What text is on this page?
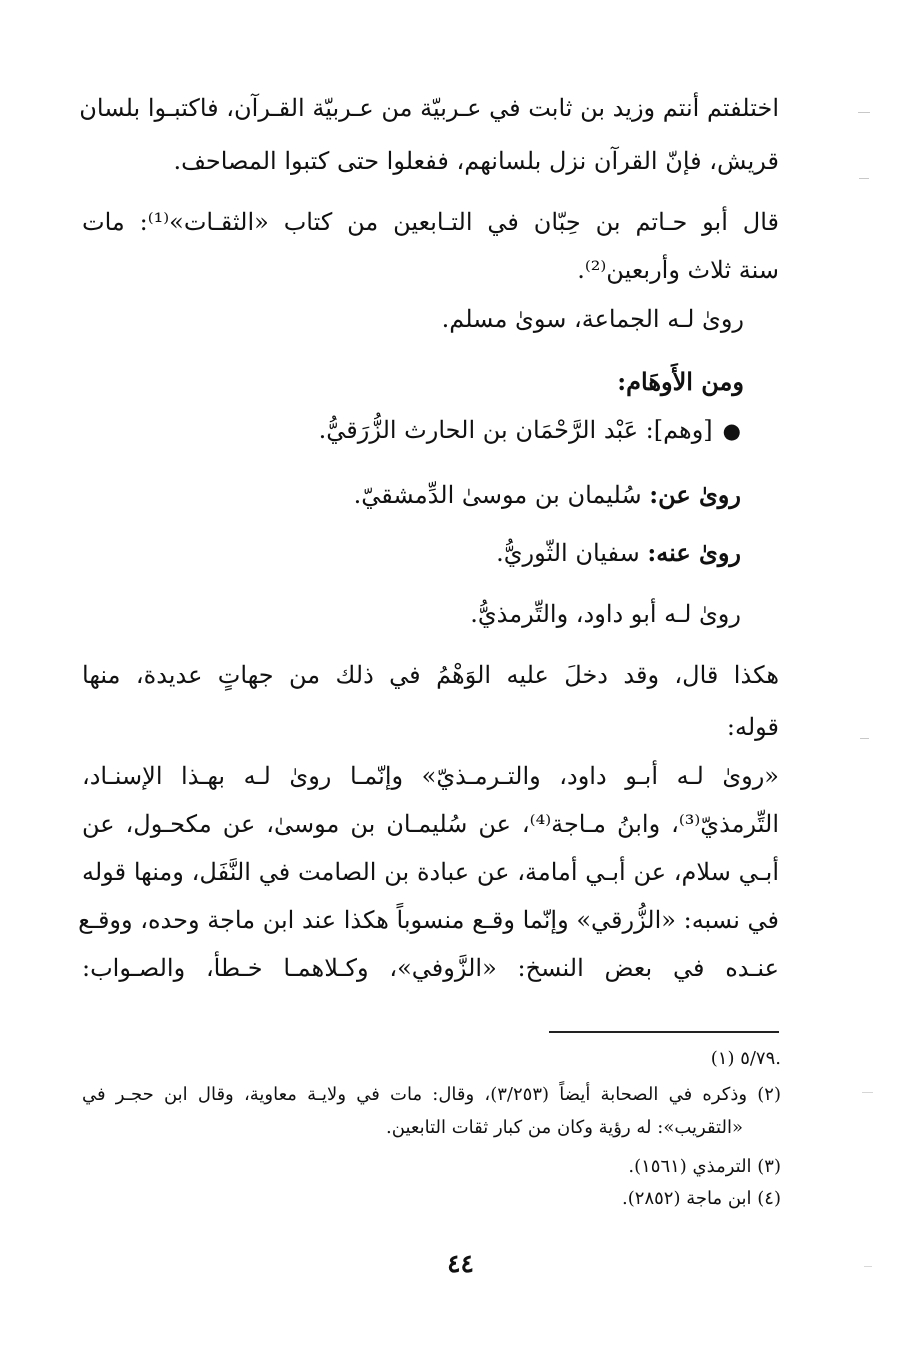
اختلفتم أنتم وزيد بن ثابت في عـربيّة من عـربيّة القـرآن، فاكتبـوا بلسان
قريش، فإنّ القرآن نزل بلسانهم، ففعلوا حتى كتبوا المصاحف.
قال أبو حـاتم بن حِبّان في التـابعين من كتاب «الثقـات»⁽¹⁾: مات
سنة ثلاث وأربعين⁽²⁾.
روىٰ لـه الجماعة، سوىٰ مسلم.
ومن الأَوهَام:
●[وهم]: عَبْد الرَّحْمَان بن الحارث الزُّرَقيُّ.
روىٰ عن: سُليمان بن موسىٰ الدِّمشقيّ.
روىٰ عنه: سفيان الثّوريُّ.
روىٰ لـه أبو داود، والتِّرمذيُّ.
هكذا قال، وقد دخلَ عليه الوَهْمُ في ذلك من جهاتٍ عديدة، منها
قوله:
«روىٰ لـه أبـو داود، والتـرمـذيّ» وإنّمـا روىٰ لـه بهـذا الإسنـاد،
التِّرمذيّ⁽³⁾، وابنُ مـاجة⁽⁴⁾، عن سُليمـان بن موسىٰ، عن مكحـول، عن
أبـي سلام، عن أبـي أمامة، عن عبادة بن الصامت في النَّفَل، ومنها قوله
في نسبه: «الزُّرقي» وإنّما وقـع منسوباً هكذا عند ابن ماجة وحده، ووقـع
عنـده في بعض النسخ: «الزَّوفي»، وكـلاهمـا خـطأ، والصـواب:
(١) ٥/٧٩.
(٢) وذكره في الصحابة أيضاً (٣/٢٥٣)، وقال: مات في ولايـة معاوية، وقال ابن حجـر في
«التقريب»: له رؤية وكان من كبار ثقات التابعين.
(٣) الترمذي (١٥٦١).
(٤) ابن ماجة (٢٨٥٢).
٤٤
